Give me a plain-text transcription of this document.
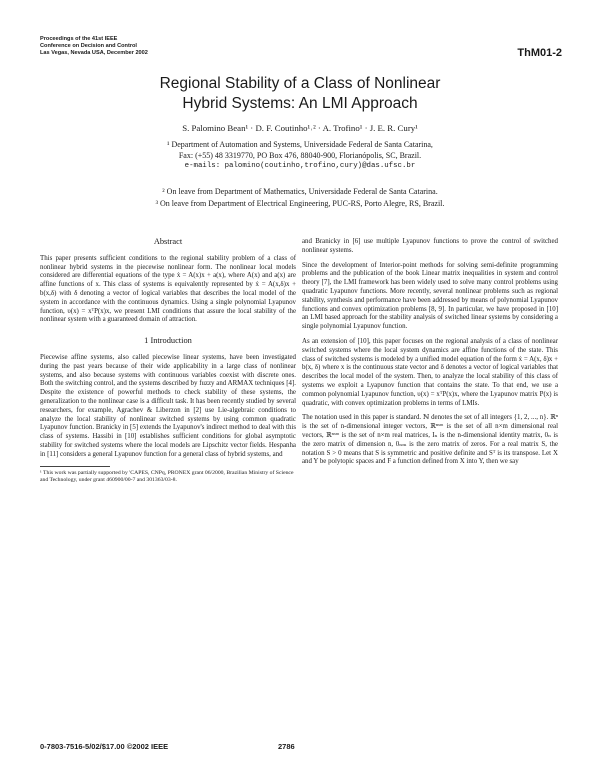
Proceedings of the 41st IEEE
Conference on Decision and Control
Las Vegas, Nevada USA, December 2002	ThM01-2
Regional Stability of a Class of Nonlinear
Hybrid Systems: An LMI Approach
S. Palomino Bean¹ · D. F. Coutinho¹˒² · A. Trofino¹ · J. E. R. Cury¹

¹ Department of Automation and Systems, Universidade Federal de Santa Catarina,

Fax: (+55) 48 3319770, PO Box 476, 88040-900, Florianópolis, SC, Brazil.

e-mails: palomino(coutinho,trofino,cury)@das.ufsc.br

² On leave from Department of Mathematics, Universidade Federal de Santa Catarina.

³ On leave from Department of Electrical Engineering, PUC-RS, Porto Alegre, RS, Brazil.

Abstract

This paper presents sufficient conditions to the regional stability problem of a class of nonlinear hybrid systems in the piecewise nonlinear form. The nonlinear local models considered are differential equations of the type ẋ = A(x)x + a(x), where A(x) and a(x) are affine functions of x. This class of systems is equivalently represented by ẋ = A(x,δ)x + b(x,δ) with δ denoting a vector of logical variables that describes the local model of the system in accordance with the continuous dynamics. Using a single polynomial Lyapunov function, υ(x) = xᵀP(x)x, we present LMI conditions that assure the local stability of the nonlinear system with a guaranteed domain of attraction.

1 Introduction

Piecewise affine systems, also called piecewise linear systems, have been investigated during the past years because of their wide applicability in a large class of nonlinear systems, and also because systems with continuous variables coexist with discrete ones. Both the switching control, and the systems described by fuzzy and ARMAX techniques [4]. Despite the existence of powerful methods to check stability of these systems, the generalization to the nonlinear case is a difficult task. It has been recently studied by several researchers, for example, Agrachev & Liberzon in [2] use Lie-algebraic conditions to analyze the local stability of nonlinear switched systems by using common quadratic Lyapunov function. Branicky in [5] extends the Lyapunov's indirect method to deal with this class of systems. Hassibi in [10] establishes sufficient conditions for global asymptotic stability for switched systems where the local models are Lipschitz vector fields. Hespanha in [11] considers a general Lyapunov function for a general class of hybrid systems, and

¹ This work was partially supported by 'CAPES, CNPq, PRONEX grant 06/2000, Brazilian Ministry of Science and Technology, under grant 460900/00-7 and 301363/03-8.

and Branicky in [6] use multiple Lyapunov functions to prove the control of switched nonlinear systems.

Since the development of Interior-point methods for solving semi-definite programming problems and the publication of the book Linear matrix inequalities in system and control theory [7], the LMI framework has been widely used to solve many control problems using quadratic Lyapunov functions. More recently, several nonlinear problems such as regional stability, synthesis and performance have been addressed by means of polynomial Lyapunov functions and convex optimization problems [8, 9]. In particular, we have proposed in [10] an LMI based approach for the stability analysis of switched linear systems by considering a single polynomial Lyapunov function.

As an extension of [10], this paper focuses on the regional analysis of a class of nonlinear switched systems where the local system dynamics are affine functions of the state. This class of switched systems is modeled by a unified model equation of the form ẋ = A(x, δ)x + b(x, δ) where x is the continuous state vector and δ denotes a vector of logical variables that describes the local model of the system. Then, to analyze the local stability of this class of systems we exploit a Lyapunov function that contains the state. To that end, we use a common polynomial Lyapunov function, υ(x) = xᵀP(x)x, where the Lyapunov matrix P(x) is quadratic, with convex optimization problems in terms of LMIs.

The notation used in this paper is standard. ℕ denotes the set of all integers {1, 2, ..., n}. ℝⁿ is the set of n-dimensional integer vectors, ℝⁿˣᵐ is the set of all n×m dimensional real vectors, ℝⁿˣᵐ is the set of n×m real matrices, Iₙ is the n-dimensional identity matrix, 0ₙ is the zero matrix of dimension n, 0ₙₘ is the zero matrix of zeros. For a real matrix S, the notation S > 0 means that S is symmetric and positive definite and Sᵀ is its transpose. Let X and Y be polytopic spaces and F a function defined from X into Y, then we say

0-7803-7516-5/02/$17.00 ©2002 IEEE	2786
